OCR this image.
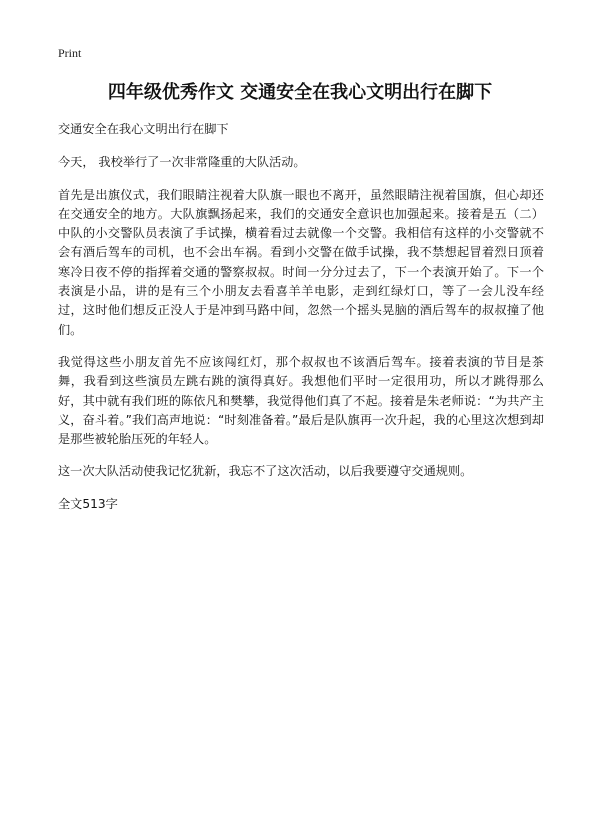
Print
四年级优秀作文 交通安全在我心文明出行在脚下

交通安全在我心文明出行在脚下

今天， 我校举行了一次非常隆重的大队活动。

首先是出旗仪式，我们眼睛注视着大队旗一眼也不离开，虽然眼睛注视着国旗，但心却还在交通安全的地方。大队旗飘扬起来，我们的交通安全意识也加强起来。接着是五（二）中队的小交警队员表演了手试操，横着看过去就像一个交警。我相信有这样的小交警就不会有酒后驾车的司机，也不会出车祸。看到小交警在做手试操，我不禁想起冒着烈日顶着寒冷日夜不停的指挥着交通的警察叔叔。时间一分分过去了，下一个表演开始了。下一个表演是小品，讲的是有三个小朋友去看喜羊羊电影，走到红绿灯口，等了一会儿没车经过，这时他们想反正没人于是冲到马路中间，忽然一个摇头晃脑的酒后驾车的叔叔撞了他们。

我觉得这些小朋友首先不应该闯红灯，那个叔叔也不该酒后驾车。接着表演的节目是茶舞，我看到这些演员左跳右跳的演得真好。我想他们平时一定很用功，所以才跳得那么好，其中就有我们班的陈依凡和樊攀，我觉得他们真了不起。接着是朱老师说：“为共产主义，奋斗着。”我们高声地说：“时刻准备着。”最后是队旗再一次升起，我的心里这次想到却是那些被轮胎压死的年轻人。

这一次大队活动使我记忆犹新，我忘不了这次活动，以后我要遵守交通规则。

全文513字
